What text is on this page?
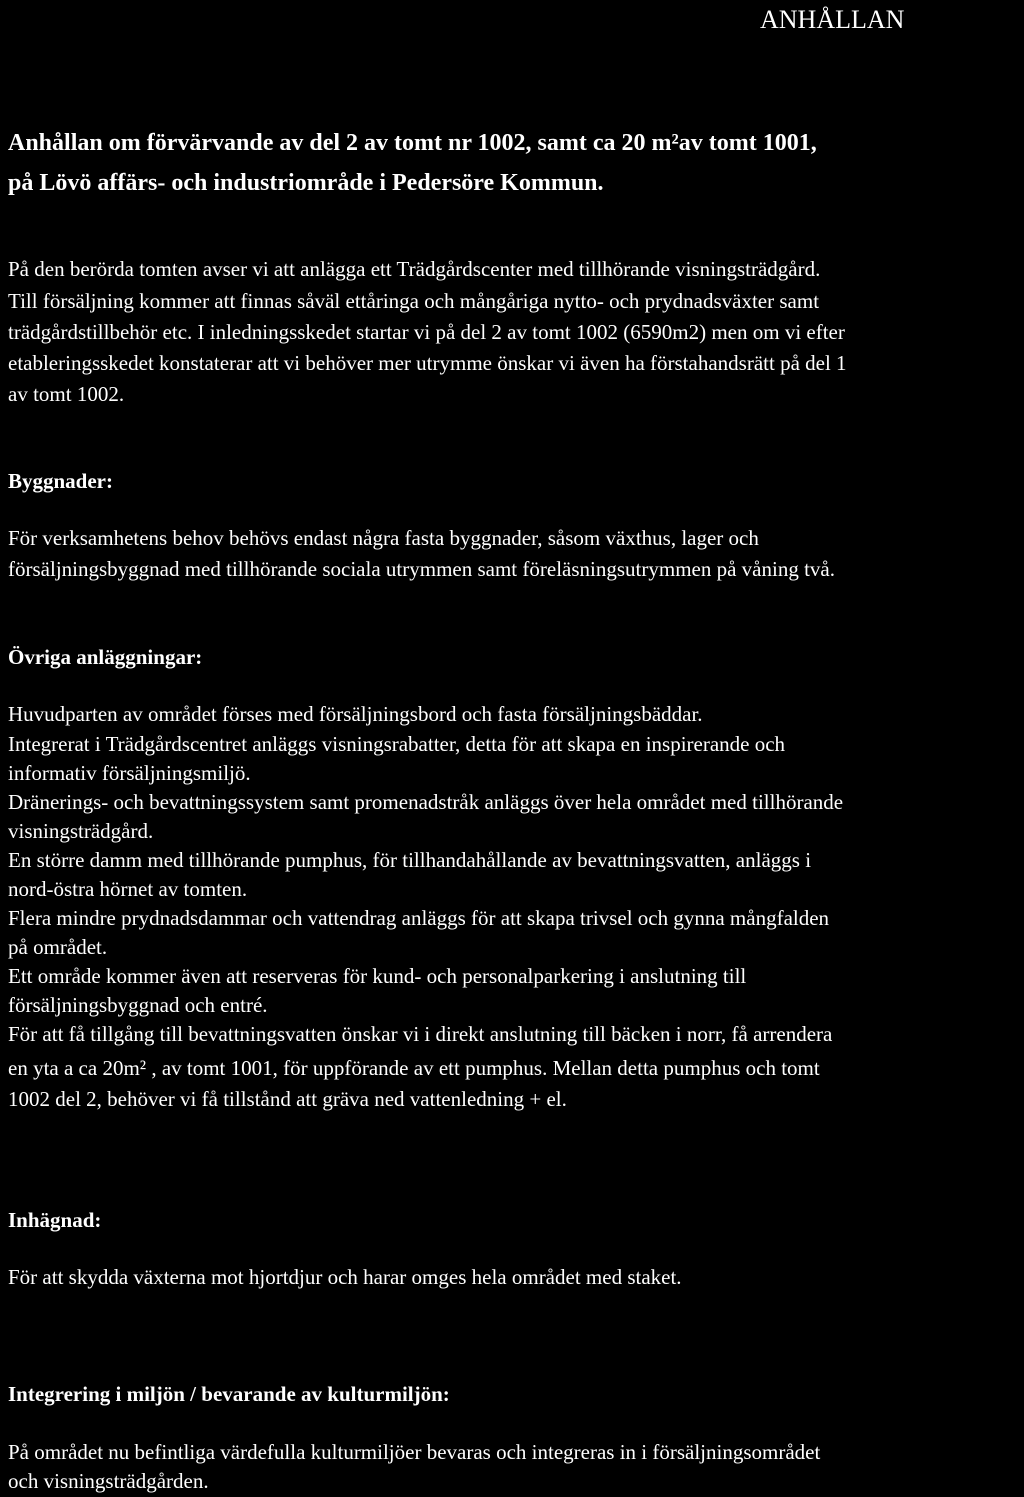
ANHÅLLAN
Anhållan om förvärvande av del 2 av tomt nr 1002, samt ca 20 m²av tomt 1001,
på Lövö affärs- och industriområde i Pedersöre Kommun.
På den berörda tomten avser vi att anlägga ett Trädgårdscenter med tillhörande visningsträdgård.
Till försäljning kommer att finnas såväl ettåringa och mångåriga nytto- och prydnadsväxter samt
trädgårdstillbehör etc. I inledningsskedet startar vi på del 2 av tomt 1002 (6590m2) men om vi efter
etableringsskedet konstaterar att vi behöver mer utrymme önskar vi även ha förstahandsrätt på del 1
av tomt 1002.
Byggnader:
För verksamhetens behov behövs endast några fasta byggnader, såsom växthus, lager och
försäljningsbyggnad med tillhörande sociala utrymmen samt föreläsningsutrymmen på våning två.
Övriga anläggningar:
Huvudparten av området förses med försäljningsbord och fasta försäljningsbäddar.
Integrerat i Trädgårdscentret anläggs visningsrabatter, detta för att skapa en inspirerande och
informativ försäljningsmiljö.
Dränerings- och bevattningssystem samt promenadstråk anläggs över hela området med tillhörande
visningsträdgård.
En större damm med tillhörande pumphus, för tillhandahållande av bevattningsvatten, anläggs i
nord-östra hörnet av tomten.
Flera mindre prydnadsdammar och vattendrag anläggs för att skapa trivsel och gynna mångfalden
på området.
Ett område kommer även att reserveras för kund- och personalparkering i anslutning till
försäljningsbyggnad och entré.
För att få tillgång till bevattningsvatten önskar vi i direkt anslutning till bäcken i norr, få arrendera
en yta a ca 20m² , av tomt 1001, för uppförande av ett pumphus. Mellan detta pumphus och tomt
1002 del 2, behöver vi få tillstånd att gräva ned vattenledning + el.
Inhägnad:
För att skydda växterna mot hjortdjur och harar omges hela området med staket.
Integrering i miljön / bevarande av kulturmiljön:
På området nu befintliga värdefulla kulturmiljöer bevaras och integreras in i försäljningsområdet
och visningsträdgården.
